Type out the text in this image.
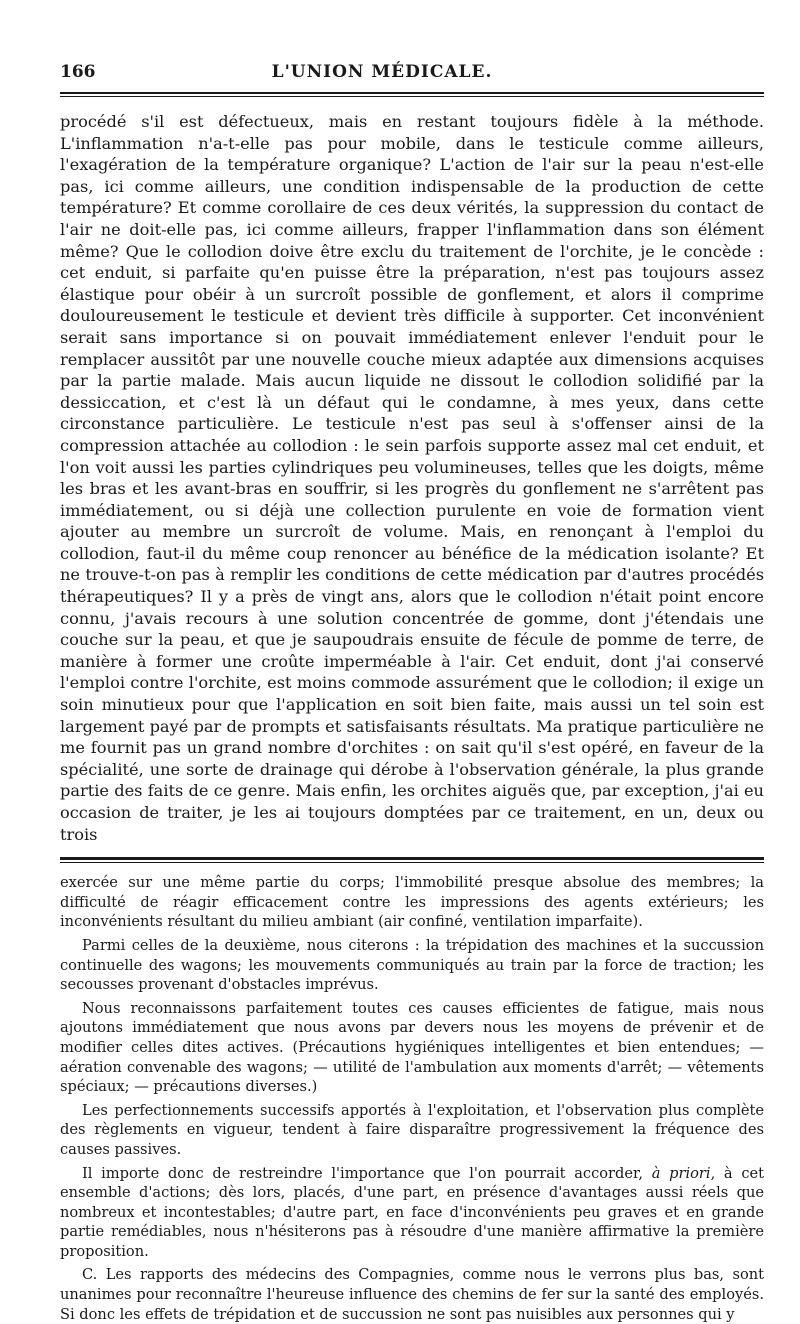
166	L'UNION MÉDICALE.

procédé s'il est défectueux, mais en restant toujours fidèle à la méthode. L'inflammation n'a-t-elle pas pour mobile, dans le testicule comme ailleurs, l'exagération de la température organique? L'action de l'air sur la peau n'est-elle pas, ici comme ailleurs, une condition indispensable de la production de cette température? Et comme corollaire de ces deux vérités, la suppression du contact de l'air ne doit-elle pas, ici comme ailleurs, frapper l'inflammation dans son élément même? Que le collodion doive être exclu du traitement de l'orchite, je le concède : cet enduit, si parfaite qu'en puisse être la préparation, n'est pas toujours assez élastique pour obéir à un surcroît possible de gonflement, et alors il comprime douloureusement le testicule et devient très difficile à supporter. Cet inconvénient serait sans importance si on pouvait immédiatement enlever l'enduit pour le remplacer aussitôt par une nouvelle couche mieux adaptée aux dimensions acquises par la partie malade. Mais aucun liquide ne dissout le collodion solidifié par la dessiccation, et c'est là un défaut qui le condamne, à mes yeux, dans cette circonstance particulière. Le testicule n'est pas seul à s'offenser ainsi de la compression attachée au collodion : le sein parfois supporte assez mal cet enduit, et l'on voit aussi les parties cylindriques peu volumineuses, telles que les doigts, même les bras et les avant-bras en souffrir, si les progrès du gonflement ne s'arrêtent pas immédiatement, ou si déjà une collection purulente en voie de formation vient ajouter au membre un surcroît de volume. Mais, en renonçant à l'emploi du collodion, faut-il du même coup renoncer au bénéfice de la médication isolante? Et ne trouve-t-on pas à remplir les conditions de cette médication par d'autres procédés thérapeutiques? Il y a près de vingt ans, alors que le collodion n'était point encore connu, j'avais recours à une solution concentrée de gomme, dont j'étendais une couche sur la peau, et que je saupoudrais ensuite de fécule de pomme de terre, de manière à former une croûte imperméable à l'air. Cet enduit, dont j'ai conservé l'emploi contre l'orchite, est moins commode assurément que le collodion; il exige un soin minutieux pour que l'application en soit bien faite, mais aussi un tel soin est largement payé par de prompts et satisfaisants résultats. Ma pratique particulière ne me fournit pas un grand nombre d'orchites : on sait qu'il s'est opéré, en faveur de la spécialité, une sorte de drainage qui dérobe à l'observation générale, la plus grande partie des faits de ce genre. Mais enfin, les orchites aiguës que, par exception, j'ai eu occasion de traiter, je les ai toujours domptées par ce traitement, en un, deux ou trois

exercée sur une même partie du corps; l'immobilité presque absolue des membres; la difficulté de réagir efficacement contre les impressions des agents extérieurs; les inconvénients résultant du milieu ambiant (air confiné, ventilation imparfaite).

Parmi celles de la deuxième, nous citerons : la trépidation des machines et la succussion continuelle des wagons; les mouvements communiqués au train par la force de traction; les secousses provenant d'obstacles imprévus.

Nous reconnaissons parfaitement toutes ces causes efficientes de fatigue, mais nous ajoutons immédiatement que nous avons par devers nous les moyens de prévenir et de modifier celles dites actives. (Précautions hygiéniques intelligentes et bien entendues; — aération convenable des wagons; — utilité de l'ambulation aux moments d'arrêt; — vêtements spéciaux; — précautions diverses.)

Les perfectionnements successifs apportés à l'exploitation, et l'observation plus complète des règlements en vigueur, tendent à faire disparaître progressivement la fréquence des causes passives.

Il importe donc de restreindre l'importance que l'on pourrait accorder, à priori, à cet ensemble d'actions; dès lors, placés, d'une part, en présence d'avantages aussi réels que nombreux et incontestables; d'autre part, en face d'inconvénients peu graves et en grande partie remédiables, nous n'hésiterons pas à résoudre d'une manière affirmative la première proposition.

C. Les rapports des médecins des Compagnies, comme nous le verrons plus bas, sont unanimes pour reconnaître l'heureuse influence des chemins de fer sur la santé des employés. Si donc les effets de trépidation et de succussion ne sont pas nuisibles aux personnes qui y
